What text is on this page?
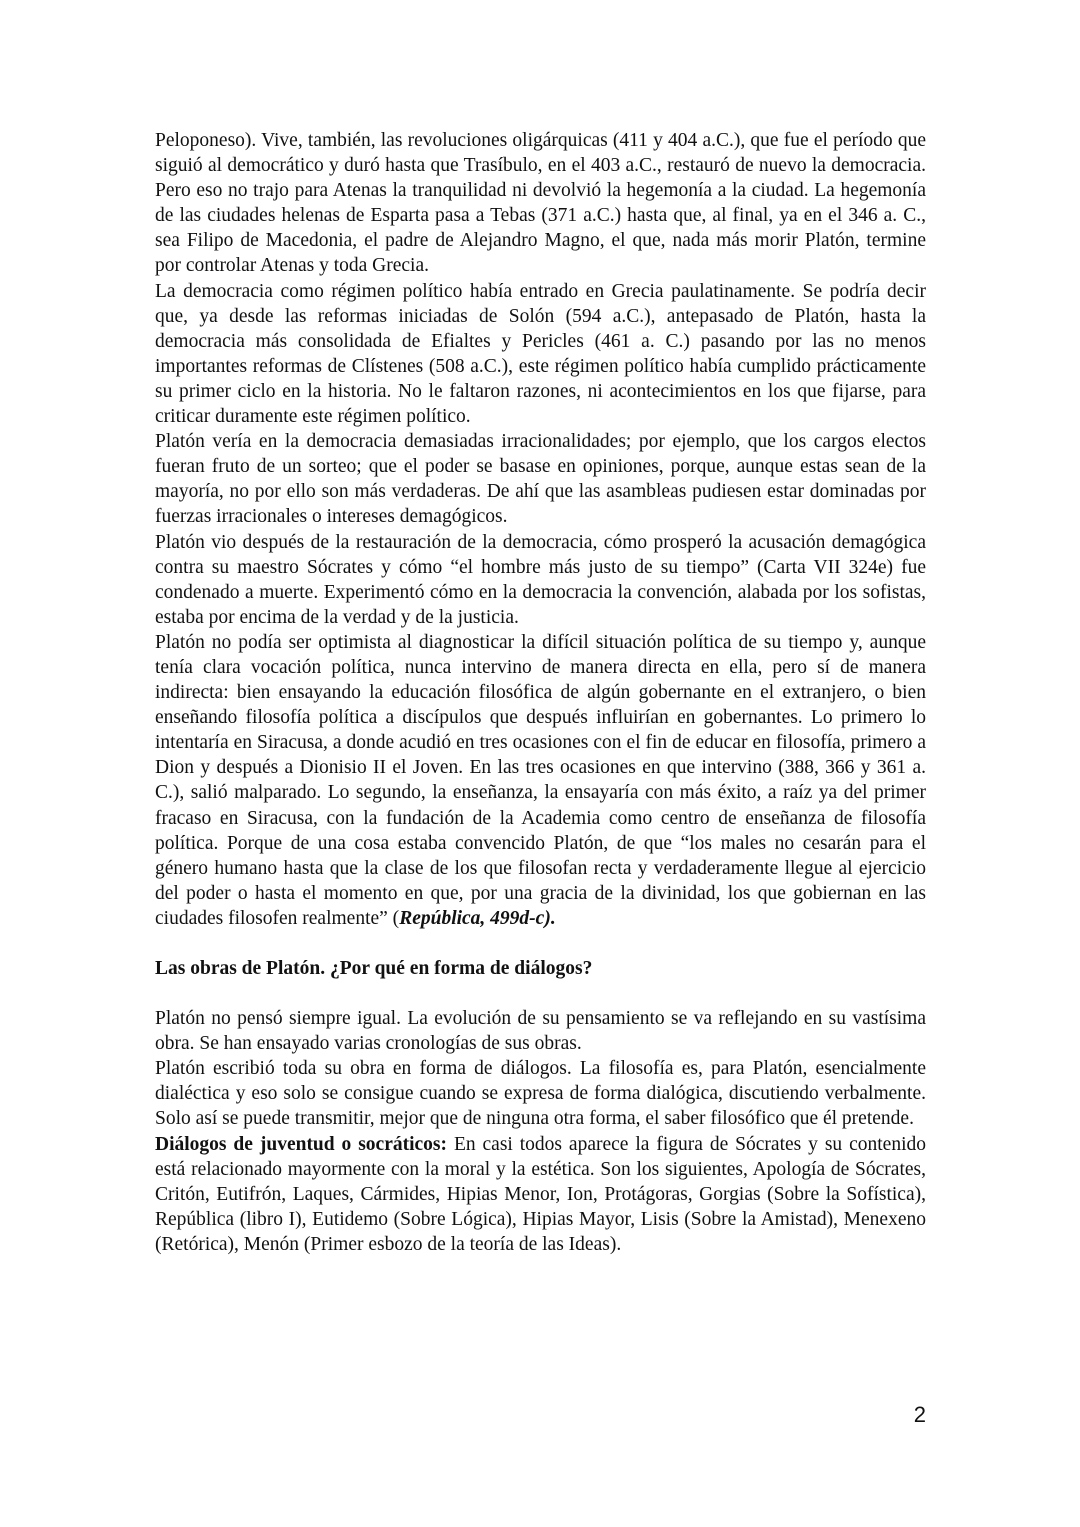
Peloponeso). Vive, también, las revoluciones oligárquicas (411 y 404 a.C.), que fue el período que siguió al democrático y duró hasta que Trasíbulo, en el 403 a.C., restauró de nuevo la democracia. Pero eso no trajo para Atenas la tranquilidad ni devolvió la hegemonía a la ciudad. La hegemonía de las ciudades helenas de Esparta pasa a Tebas (371 a.C.) hasta que, al final, ya en el 346 a. C., sea Filipo de Macedonia, el padre de Alejandro Magno, el que, nada más morir Platón, termine por controlar Atenas y toda Grecia.

La democracia como régimen político había entrado en Grecia paulatinamente. Se podría decir que, ya desde las reformas iniciadas de Solón (594 a.C.), antepasado de Platón, hasta la democracia más consolidada de Efialtes y Pericles (461 a. C.) pasando por las no menos importantes reformas de Clístenes (508 a.C.), este régimen político había cumplido prácticamente su primer ciclo en la historia. No le faltaron razones, ni acontecimientos en los que fijarse, para criticar duramente este régimen político.

Platón vería en la democracia demasiadas irracionalidades; por ejemplo, que los cargos electos fueran fruto de un sorteo; que el poder se basase en opiniones, porque, aunque estas sean de la mayoría, no por ello son más verdaderas. De ahí que las asambleas pudiesen estar dominadas por fuerzas irracionales o intereses demagógicos.

Platón vio después de la restauración de la democracia, cómo prosperó la acusación demagógica contra su maestro Sócrates y cómo “el hombre más justo de su tiempo” (Carta VII 324e) fue condenado a muerte. Experimentó cómo en la democracia la convención, alabada por los sofistas, estaba por encima de la verdad y de la justicia.

Platón no podía ser optimista al diagnosticar la difícil situación política de su tiempo y, aunque tenía clara vocación política, nunca intervino de manera directa en ella, pero sí de manera indirecta: bien ensayando la educación filosófica de algún gobernante en el extranjero, o bien enseñando filosofía política a discípulos que después influirían en gobernantes. Lo primero lo intentaría en Siracusa, a donde acudió en tres ocasiones con el fin de educar en filosofía, primero a Dion y después a Dionisio II el Joven. En las tres ocasiones en que intervino (388, 366 y 361 a. C.), salió malparado. Lo segundo, la enseñanza, la ensayaría con más éxito, a raíz ya del primer fracaso en Siracusa, con la fundación de la Academia como centro de enseñanza de filosofía política. Porque de una cosa estaba convencido Platón, de que “los males no cesarán para el género humano hasta que la clase de los que filosofan recta y verdaderamente llegue al ejercicio del poder o hasta el momento en que, por una gracia de la divinidad, los que gobiernan en las ciudades filosofen realmente” (República, 499d-c).

Las obras de Platón. ¿Por qué en forma de diálogos?

Platón no pensó siempre igual. La evolución de su pensamiento se va reflejando en su vastísima obra. Se han ensayado varias cronologías de sus obras.

Platón escribió toda su obra en forma de diálogos. La filosofía es, para Platón, esencialmente dialéctica y eso solo se consigue cuando se expresa de forma dialógica, discutiendo verbalmente. Solo así se puede transmitir, mejor que de ninguna otra forma, el saber filosófico que él pretende.

Diálogos de juventud o socráticos: En casi todos aparece la figura de Sócrates y su contenido está relacionado mayormente con la moral y la estética. Son los siguientes, Apología de Sócrates, Critón, Eutifrón, Laques, Cármides, Hipias Menor, Ion, Protágoras, Gorgias (Sobre la Sofística), República (libro I), Eutidemo (Sobre Lógica), Hipias Mayor, Lisis (Sobre la Amistad), Menexeno (Retórica), Menón (Primer esbozo de la teoría de las Ideas).

2
